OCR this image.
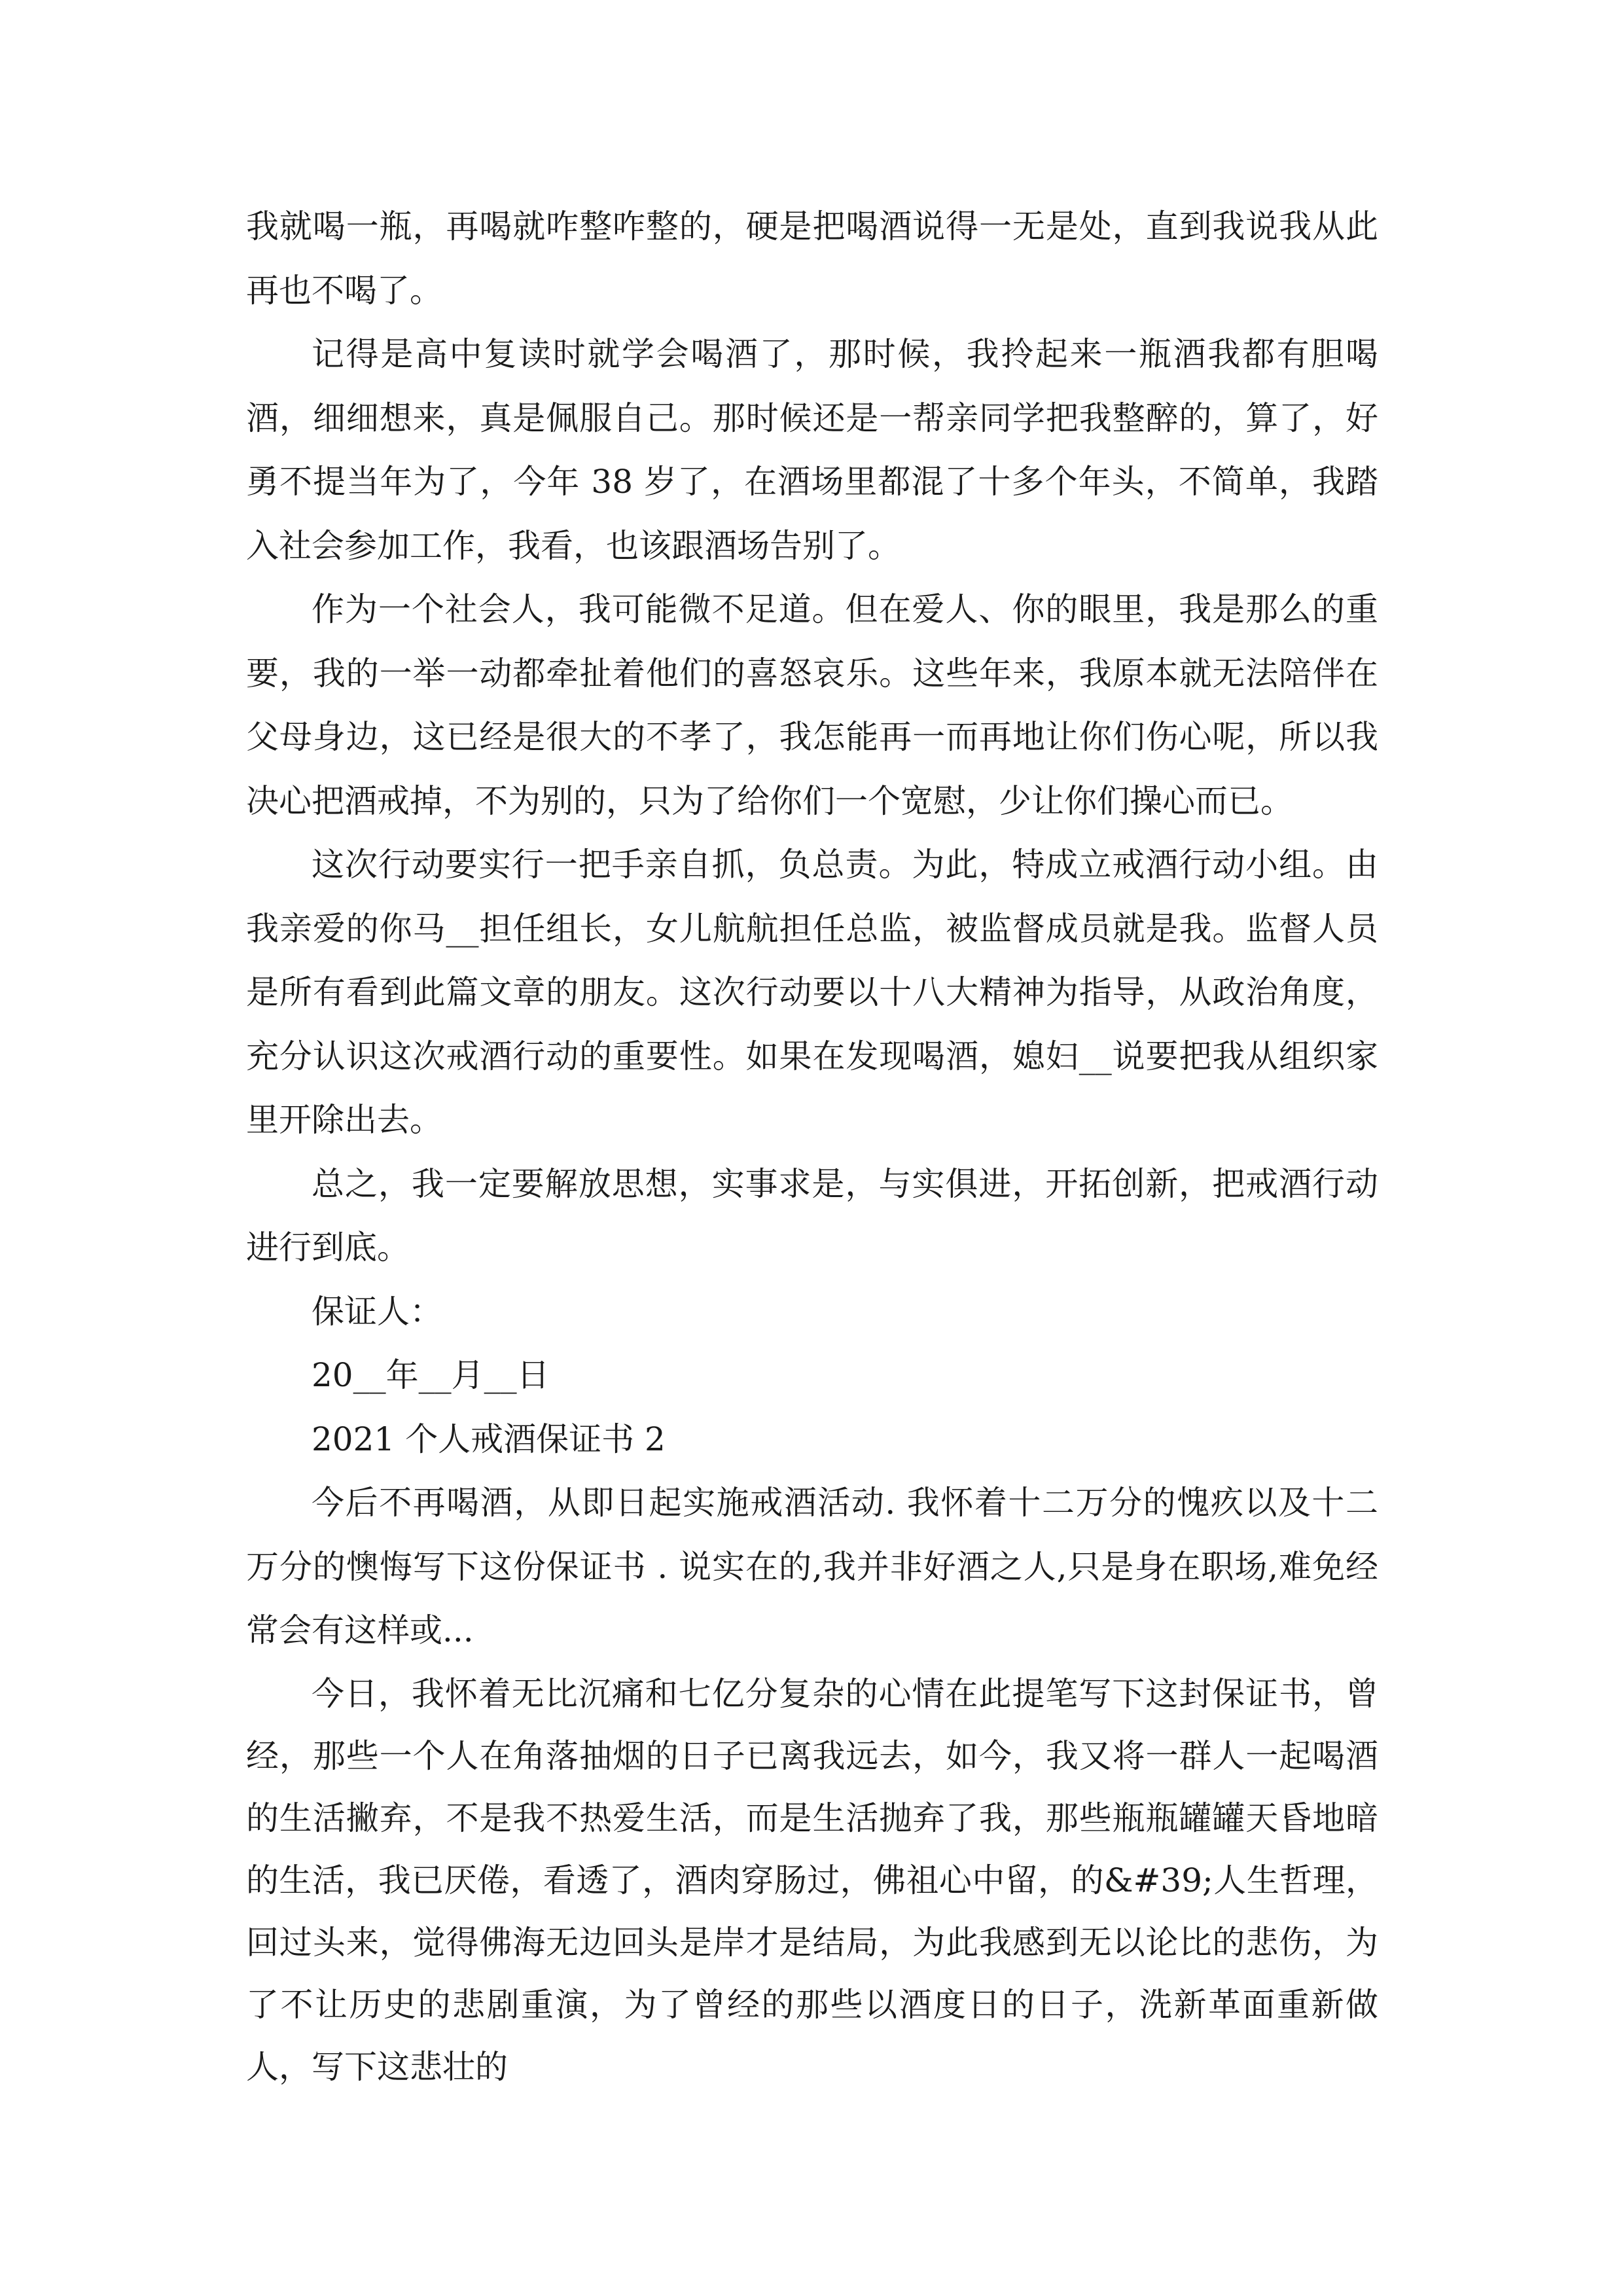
我就喝一瓶，再喝就咋整咋整的，硬是把喝酒说得一无是处，直到我说我从此再也不喝了。

记得是高中复读时就学会喝酒了，那时候，我拎起来一瓶酒我都有胆喝酒，细细想来，真是佩服自己。那时候还是一帮亲同学把我整醉的，算了，好勇不提当年为了，今年 38 岁了，在酒场里都混了十多个年头，不简单，我踏入社会参加工作，我看，也该跟酒场告别了。

作为一个社会人，我可能微不足道。但在爱人、你的眼里，我是那么的重要，我的一举一动都牵扯着他们的喜怒哀乐。这些年来，我原本就无法陪伴在父母身边，这已经是很大的不孝了，我怎能再一而再地让你们伤心呢，所以我决心把酒戒掉，不为别的，只为了给你们一个宽慰，少让你们操心而已。

这次行动要实行一把手亲自抓，负总责。为此，特成立戒酒行动小组。由我亲爱的你马__担任组长，女儿航航担任总监，被监督成员就是我。监督人员是所有看到此篇文章的朋友。这次行动要以十八大精神为指导，从政治角度，充分认识这次戒酒行动的重要性。如果在发现喝酒，媳妇__说要把我从组织家里开除出去。

总之，我一定要解放思想，实事求是，与实俱进，开拓创新，把戒酒行动进行到底。

保证人：

20__年__月__日

2021 个人戒酒保证书 2

今后不再喝酒，从即日起实施戒酒活动. 我怀着十二万分的愧疚以及十二万分的懊悔写下这份保证书 . 说实在的,我并非好酒之人,只是身在职场,难免经常会有这样或...

今日，我怀着无比沉痛和七亿分复杂的心情在此提笔写下这封保证书，曾经，那些一个人在角落抽烟的日子已离我远去，如今，我又将一群人一起喝酒的生活撇弃，不是我不热爱生活，而是生活抛弃了我，那些瓶瓶罐罐天昏地暗的生活，我已厌倦，看透了，酒肉穿肠过，佛祖心中留，的&#39;人生哲理，回过头来，觉得佛海无边回头是岸才是结局，为此我感到无以论比的悲伤，为了不让历史的悲剧重演，为了曾经的那些以酒度日的日子，洗新革面重新做人，写下这悲壮的
